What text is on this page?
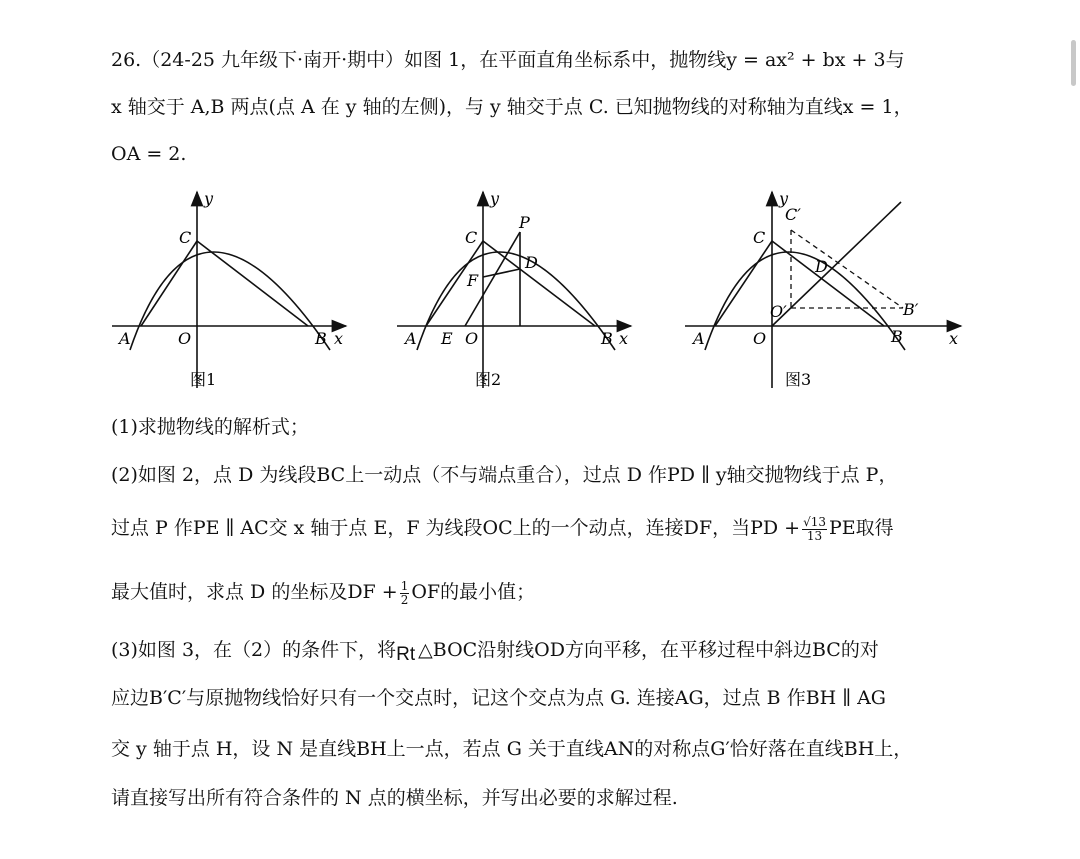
26.（24-25 九年级下·南开·期中）如图 1，在平面直角坐标系中，抛物线y = ax² + bx + 3与
x 轴交于 A,B 两点(点 A 在 y 轴的左侧)，与 y 轴交于点 C. 已知抛物线的对称轴为直线x = 1，
OA = 2.
y
x
A	O	B
C
图1
y
x
A E O	B
C
P
D
F
图2
y
x
A	O	B
C
C′
D
O′	B′
图3
(1)求抛物线的解析式；
(2)如图 2，点 D 为线段BC上一动点（不与端点重合），过点 D 作PD ∥ y轴交抛物线于点 P，
过点 P 作PE ∥ AC交 x 轴于点 E，F 为线段OC上的一个动点，连接DF，当PD + $\frac{√13}{13}$ PE取得
最大值时，求点 D 的坐标及DF + $\frac{1}{2}$ OF的最小值；
(3)如图 3，在（2）的条件下，将Rt △BOC沿射线OD方向平移，在平移过程中斜边BC的对
应边B′C′与原抛物线恰好只有一个交点时，记这个交点为点 G. 连接AG，过点 B 作BH ∥ AG
交 y 轴于点 H，设 N 是直线BH上一点，若点 G 关于直线AN的对称点G′恰好落在直线BH上，
请直接写出所有符合条件的 N 点的横坐标，并写出必要的求解过程.
